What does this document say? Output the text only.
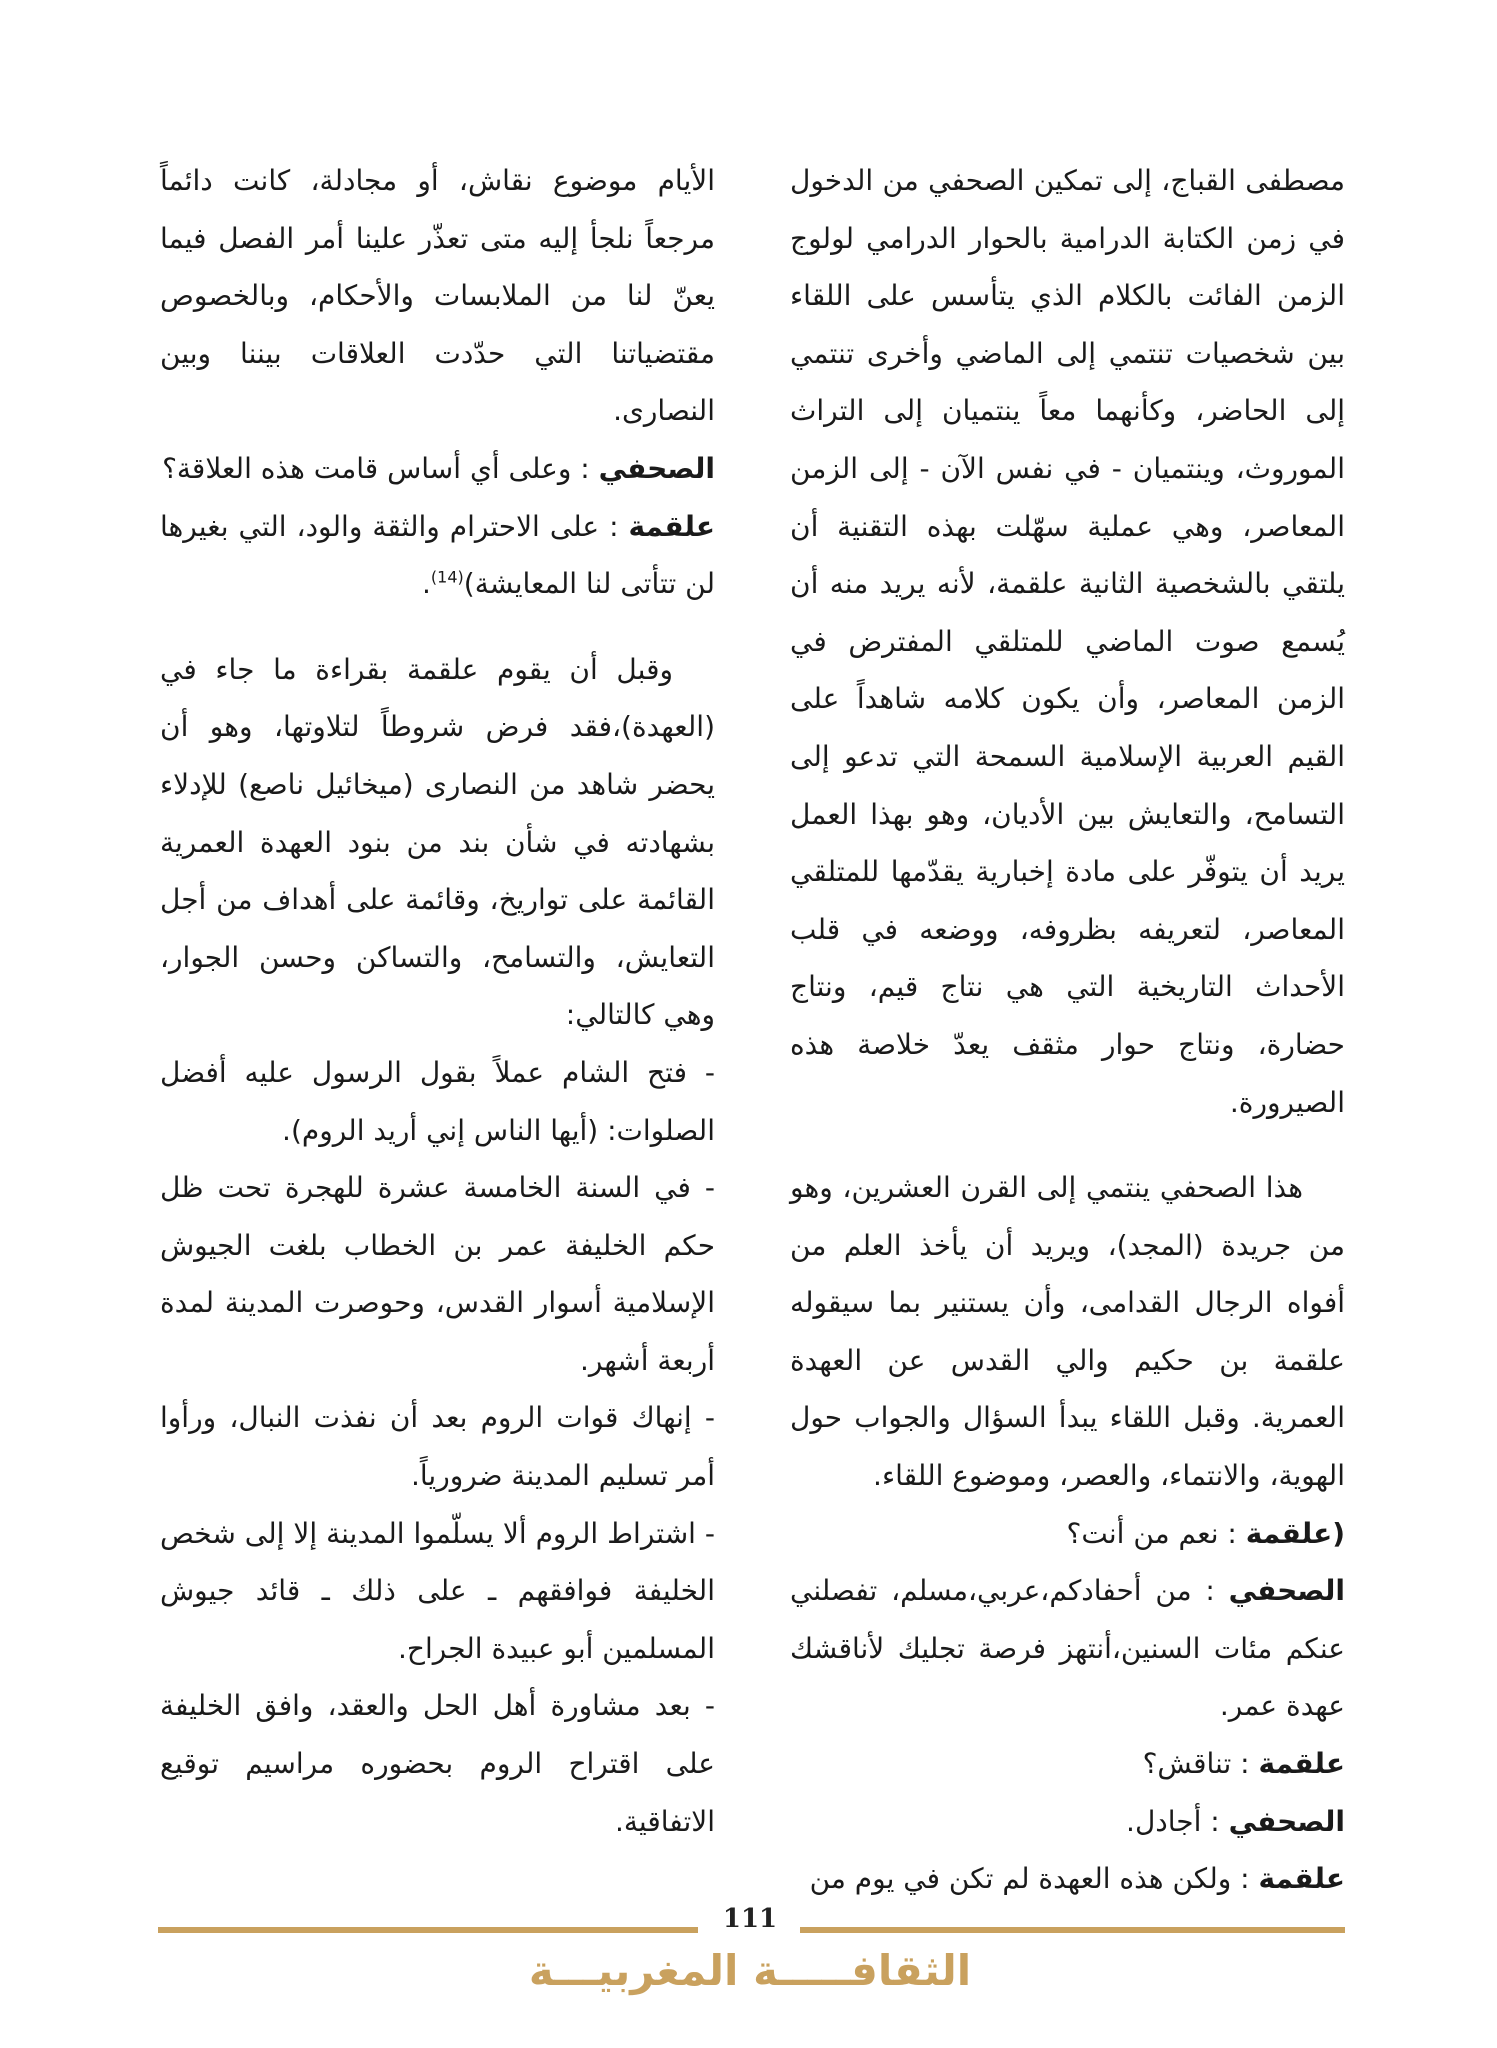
مصطفى القباج، إلى تمكين الصحفي من الدخول في زمن الكتابة الدرامية بالحوار الدرامي لولوج الزمن الفائت بالكلام الذي يتأسس على اللقاء بين شخصيات تنتمي إلى الماضي وأخرى تنتمي إلى الحاضر، وكأنهما معاً ينتميان إلى التراث الموروث، وينتميان - في نفس الآن - إلى الزمن المعاصر، وهي عملية سهّلت بهذه التقنية أن يلتقي بالشخصية الثانية علقمة، لأنه يريد منه أن يُسمع صوت الماضي للمتلقي المفترض في الزمن المعاصر، وأن يكون كلامه شاهداً على القيم العربية الإسلامية السمحة التي تدعو إلى التسامح، والتعايش بين الأديان، وهو بهذا العمل يريد أن يتوفّر على مادة إخبارية يقدّمها للمتلقي المعاصر، لتعريفه بظروفه، ووضعه في قلب الأحداث التاريخية التي هي نتاج قيم، ونتاج حضارة، ونتاج حوار مثقف يعدّ خلاصة هذه الصيرورة.

هذا الصحفي ينتمي إلى القرن العشرين، وهو من جريدة (المجد)، ويريد أن يأخذ العلم من أفواه الرجال القدامى، وأن يستنير بما سيقوله علقمة بن حكيم والي القدس عن العهدة العمرية. وقبل اللقاء يبدأ السؤال والجواب حول الهوية، والانتماء، والعصر، وموضوع اللقاء.

(علقمة : نعم من أنت؟

الصحفي : من أحفادكم،عربي،مسلم، تفصلني عنكم مئات السنين،أنتهز فرصة تجليك لأناقشك عهدة عمر.

علقمة : تناقش؟

الصحفي : أجادل.

علقمة : ولكن هذه العهدة لم تكن في يوم من

الأيام موضوع نقاش، أو مجادلة، كانت دائماً مرجعاً نلجأ إليه متى تعذّر علينا أمر الفصل فيما يعنّ لنا من الملابسات والأحكام، وبالخصوص مقتضياتنا التي حدّدت العلاقات بيننا وبين النصارى.

الصحفي : وعلى أي أساس قامت هذه العلاقة؟

علقمة : على الاحترام والثقة والود، التي بغيرها لن تتأتى لنا المعايشة)$^{(14)}$.

وقبل أن يقوم علقمة بقراءة ما جاء في (العهدة)،فقد فرض شروطاً لتلاوتها، وهو أن يحضر شاهد من النصارى (ميخائيل ناصع) للإدلاء بشهادته في شأن بند من بنود العهدة العمرية القائمة على تواريخ، وقائمة على أهداف من أجل التعايش، والتسامح، والتساكن وحسن الجوار، وهي كالتالي:

- فتح الشام عملاً بقول الرسول عليه أفضل الصلوات: (أيها الناس إني أريد الروم).

- في السنة الخامسة عشرة للهجرة تحت ظل حكم الخليفة عمر بن الخطاب بلغت الجيوش الإسلامية أسوار القدس، وحوصرت المدينة لمدة أربعة أشهر.

- إنهاك قوات الروم بعد أن نفذت النبال، ورأوا أمر تسليم المدينة ضرورياً.

- اشتراط الروم ألا يسلّموا المدينة إلا إلى شخص الخليفة فوافقهم ـ على ذلك ـ قائد جيوش المسلمين أبو عبيدة الجراح.

- بعد مشاورة أهل الحل والعقد، وافق الخليفة على اقتراح الروم بحضوره مراسيم توقيع الاتفاقية.

111
الثقافـــــة المغربيـــة
